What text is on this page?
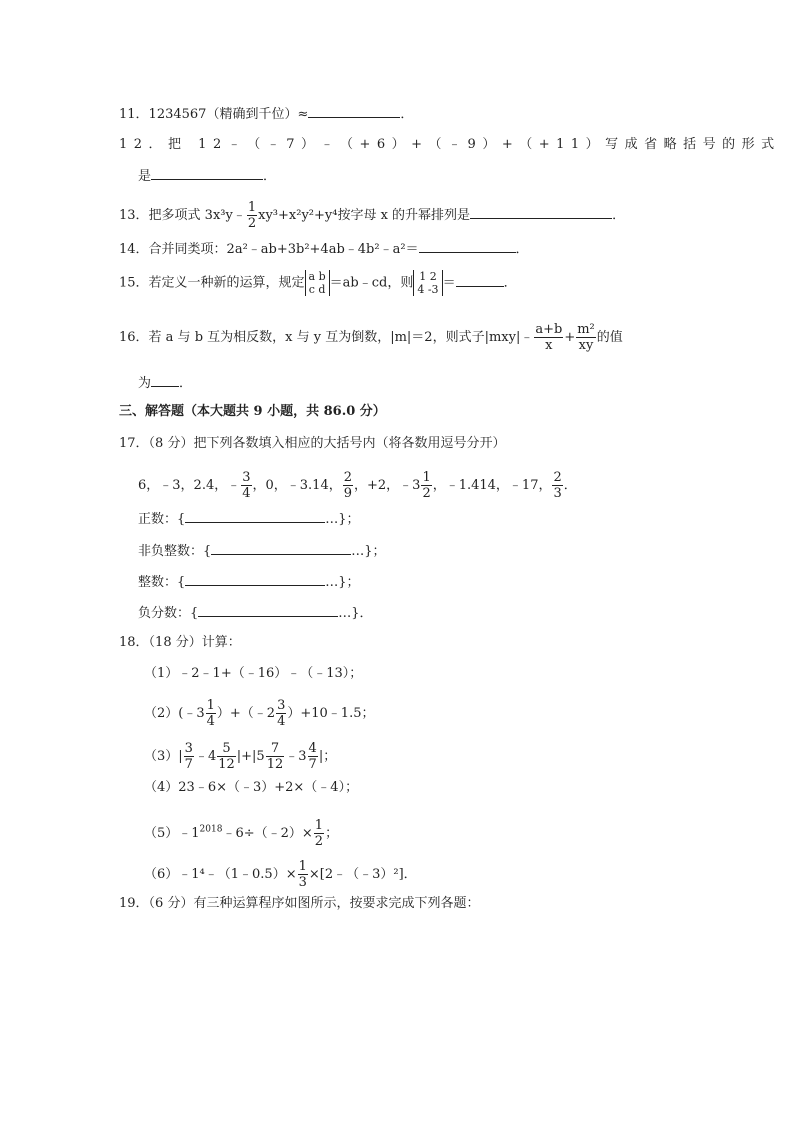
11．1234567（精确到千位）≈	．
12．把 12﹣（﹣7）﹣（+6）+（﹣9）+（+11）写成省略括号的形式
是	．
13．把多项式 3x³y﹣ $\frac{1}{2} xy^3+x^2y^2+y^4$按字母 x 的升幂排列是	．
14．合并同类项：2a²﹣ab+3b²+4ab﹣4b²﹣a²＝	．
15．若定义一种新的运算，规定 a b
c d ＝ab﹣cd，则 1 2
4 -3 ＝	．
16．若 a 与 b 互为相反数，x 与 y 互为倒数，|m|＝2，则式子|mxy|﹣ $\frac{a+b}{x} + \frac{\text{m²}}{xy}$ 的值
为 ．
三、解答题（本大题共 9 小题，共 86.0 分）
17．（8 分）把下列各数填入相应的大括号内（将各数用逗号分开）
6，﹣3，2.4，﹣ $\frac{3}{4}$ ，0，﹣3.14， $\frac{2}{9}$ ，+2，﹣3 $\frac{1}{2}$ ，﹣1.414，﹣17， $\frac{2}{3}$ ．
正数：{	…}；
非负整数：{	…}；
整数：{	…}；
负分数：{	…}．
18．（18 分）计算：
（1）﹣2﹣1+（﹣16）﹣（﹣13）；
（2）(﹣3 $\frac{1}{4}$ ）+（﹣2 $\frac{3}{4}$ ）+10﹣1.5；
$(3)| \frac{3}{7}$ ﹣4 $\frac{5}{12} |+|5 \frac{7}{12}$ ﹣3 $\frac{4}{7}$ |；
（4）23﹣6×（﹣3）+2×（﹣4）；
$(5)﹣1^{2018}﹣6\div(﹣2)\times \frac{1}{2}$ ；
（6）﹣1⁴﹣（1﹣0.5）× $\frac{1}{3}$ ×[2﹣（﹣3）²]．
19．（6 分）有三种运算程序如图所示，按要求完成下列各题：
